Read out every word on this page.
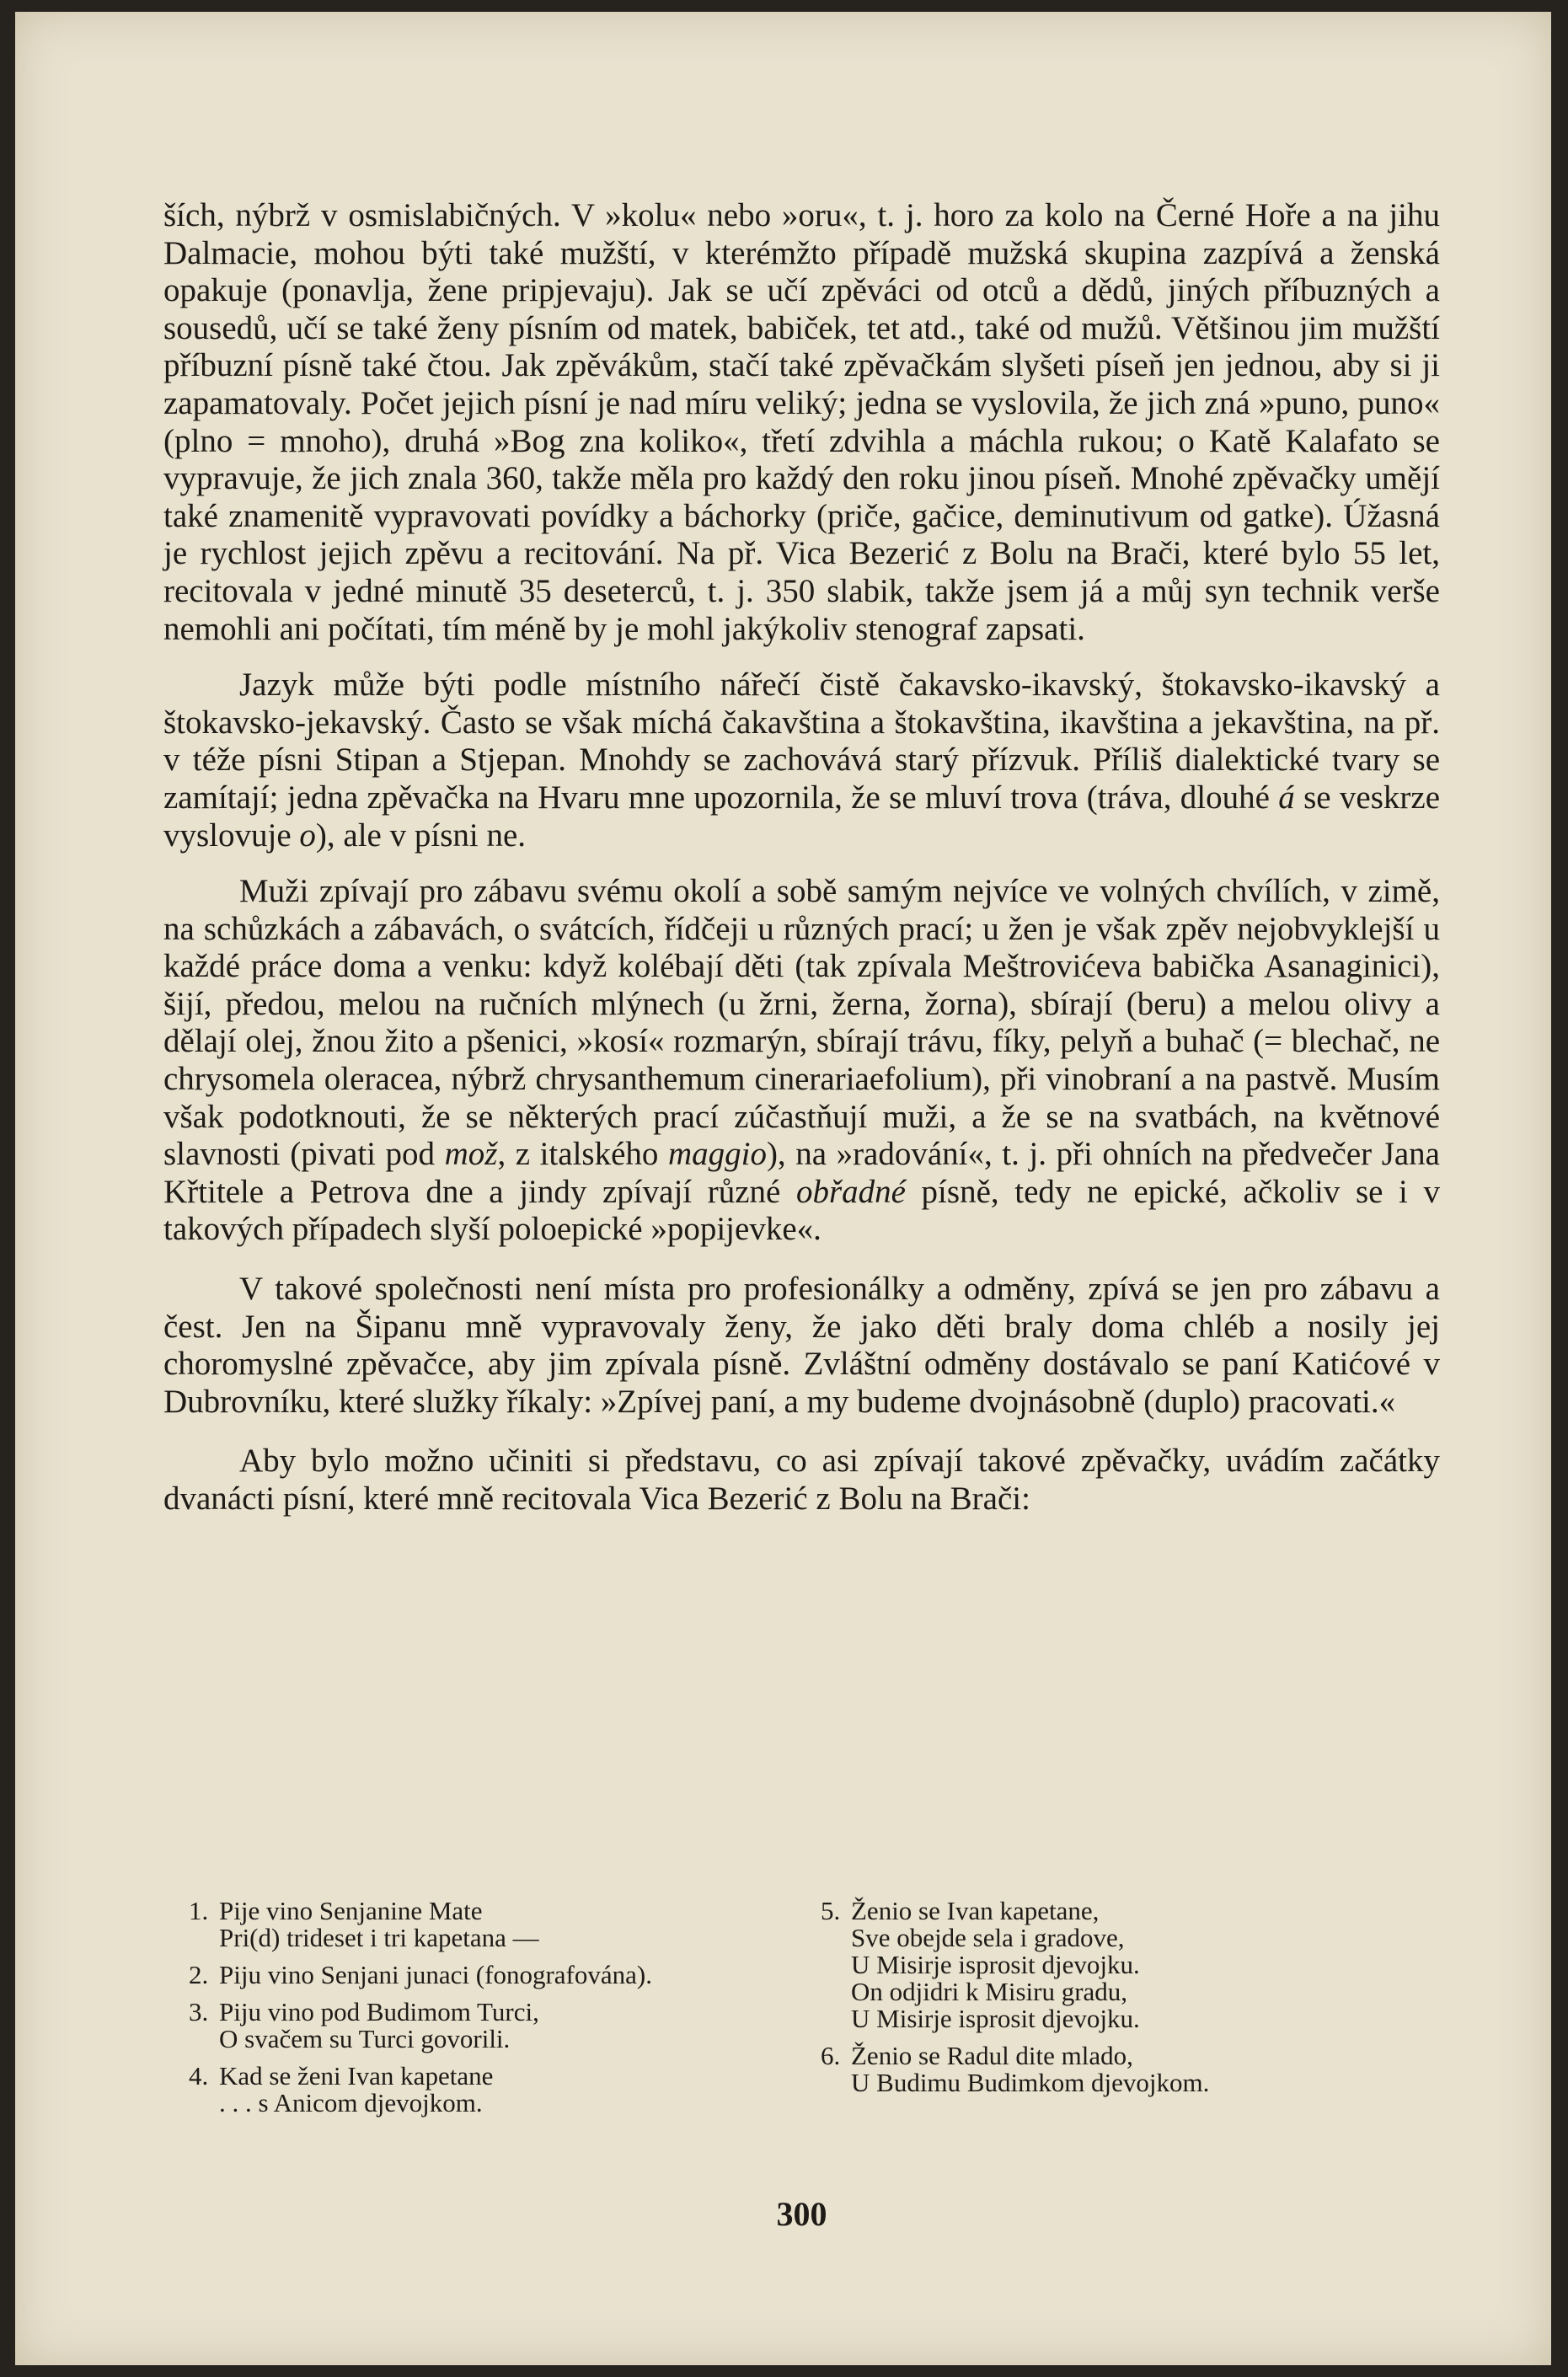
ších, nýbrž v osmislabičných. V »kolu« nebo »oru«, t. j. horo za kolo na Černé Hoře a na jihu Dalmacie, mohou býti také mužští, v kterémžto případě mužská skupina zazpívá a ženská opakuje (ponavlja, žene pripjevaju). Jak se učí zpěváci od otců a dědů, jiných příbuzných a sousedů, učí se také ženy písním od matek, babiček, tet atd., také od mužů. Většinou jim mužští příbuzní písně také čtou. Jak zpěvákům, stačí také zpěvačkám slyšeti píseň jen jednou, aby si ji zapamatovaly. Počet jejich písní je nad míru veliký; jedna se vyslovila, že jich zná »puno, puno« (plno = mnoho), druhá »Bog zna koliko«, třetí zdvihla a máchla rukou; o Katě Kalafato se vypravuje, že jich znala 360, takže měla pro každý den roku jinou píseň. Mnohé zpěvačky umějí také znamenitě vypravovati povídky a báchorky (priče, gačice, deminutivum od gatke). Úžasná je rychlost jejich zpěvu a recitování. Na př. Vica Bezerić z Bolu na Brači, které bylo 55 let, recitovala v jedné minutě 35 deseterců, t. j. 350 slabik, takže jsem já a můj syn technik verše nemohli ani počítati, tím méně by je mohl jakýkoliv stenograf zapsati.

Jazyk může býti podle místního nářečí čistě čakavsko-ikavský, štokavsko-ikavský a štokavsko-jekavský. Často se však míchá čakavština a štokavština, ikavština a jekavština, na př. v téže písni Stipan a Stjepan. Mnohdy se zachovává starý přízvuk. Příliš dialektické tvary se zamítají; jedna zpěvačka na Hvaru mne upozornila, že se mluví trova (tráva, dlouhé á se veskrze vyslovuje o), ale v písni ne.

Muži zpívají pro zábavu svému okolí a sobě samým nejvíce ve volných chvílích, v zimě, na schůzkách a zábavách, o svátcích, řídčeji u různých prací; u žen je však zpěv nejobvyklejší u každé práce doma a venku: když kolébají děti (tak zpívala Meštrovićeva babička Asanaginici), šijí, předou, melou na ručních mlýnech (u žrni, žerna, žorna), sbírají (beru) a melou olivy a dělají olej, žnou žito a pšenici, »kosí« rozmarýn, sbírají trávu, fíky, pelyň a buhač (= blechač, ne chrysomela oleracea, nýbrž chrysanthemum cinerariaefolium), při vinobraní a na pastvě. Musím však podotknouti, že se některých prací zúčastňují muži, a že se na svatbách, na květnové slavnosti (pivati pod mož, z italského maggio), na »radování«, t. j. při ohních na předvečer Jana Křtitele a Petrova dne a jindy zpívají různé obřadné písně, tedy ne epické, ačkoliv se i v takových případech slyší poloepické »popijevke«.

V takové společnosti není místa pro profesionálky a odměny, zpívá se jen pro zábavu a čest. Jen na Šipanu mně vypravovaly ženy, že jako děti braly doma chléb a nosily jej choromyslné zpěvačce, aby jim zpívala písně. Zvláštní odměny dostávalo se paní Katićové v Dubrovníku, které služky říkaly: »Zpívej paní, a my budeme dvojnásobně (duplo) pracovati.«

Aby bylo možno učiniti si představu, co asi zpívají takové zpěvačky, uvádím začátky dvanácti písní, které mně recitovala Vica Bezerić z Bolu na Brači:

1. Pije vino Senjanine Mate
Pri(d) trideset i tri kapetana —
2. Piju vino Senjani junaci (fonografována).
3. Piju vino pod Budimom Turci,
O svačem su Turci govorili.
4. Kad se ženi Ivan kapetane
. . . s Anicom djevojkom.
5. Ženio se Ivan kapetane,
Sve obejde sela i gradove,
U Misirje isprosit djevojku.
On odjidri k Misiru gradu,
U Misirje isprosit djevojku.
6. Ženio se Radul dite mlado,
U Budimu Budimkom djevojkom.
300
